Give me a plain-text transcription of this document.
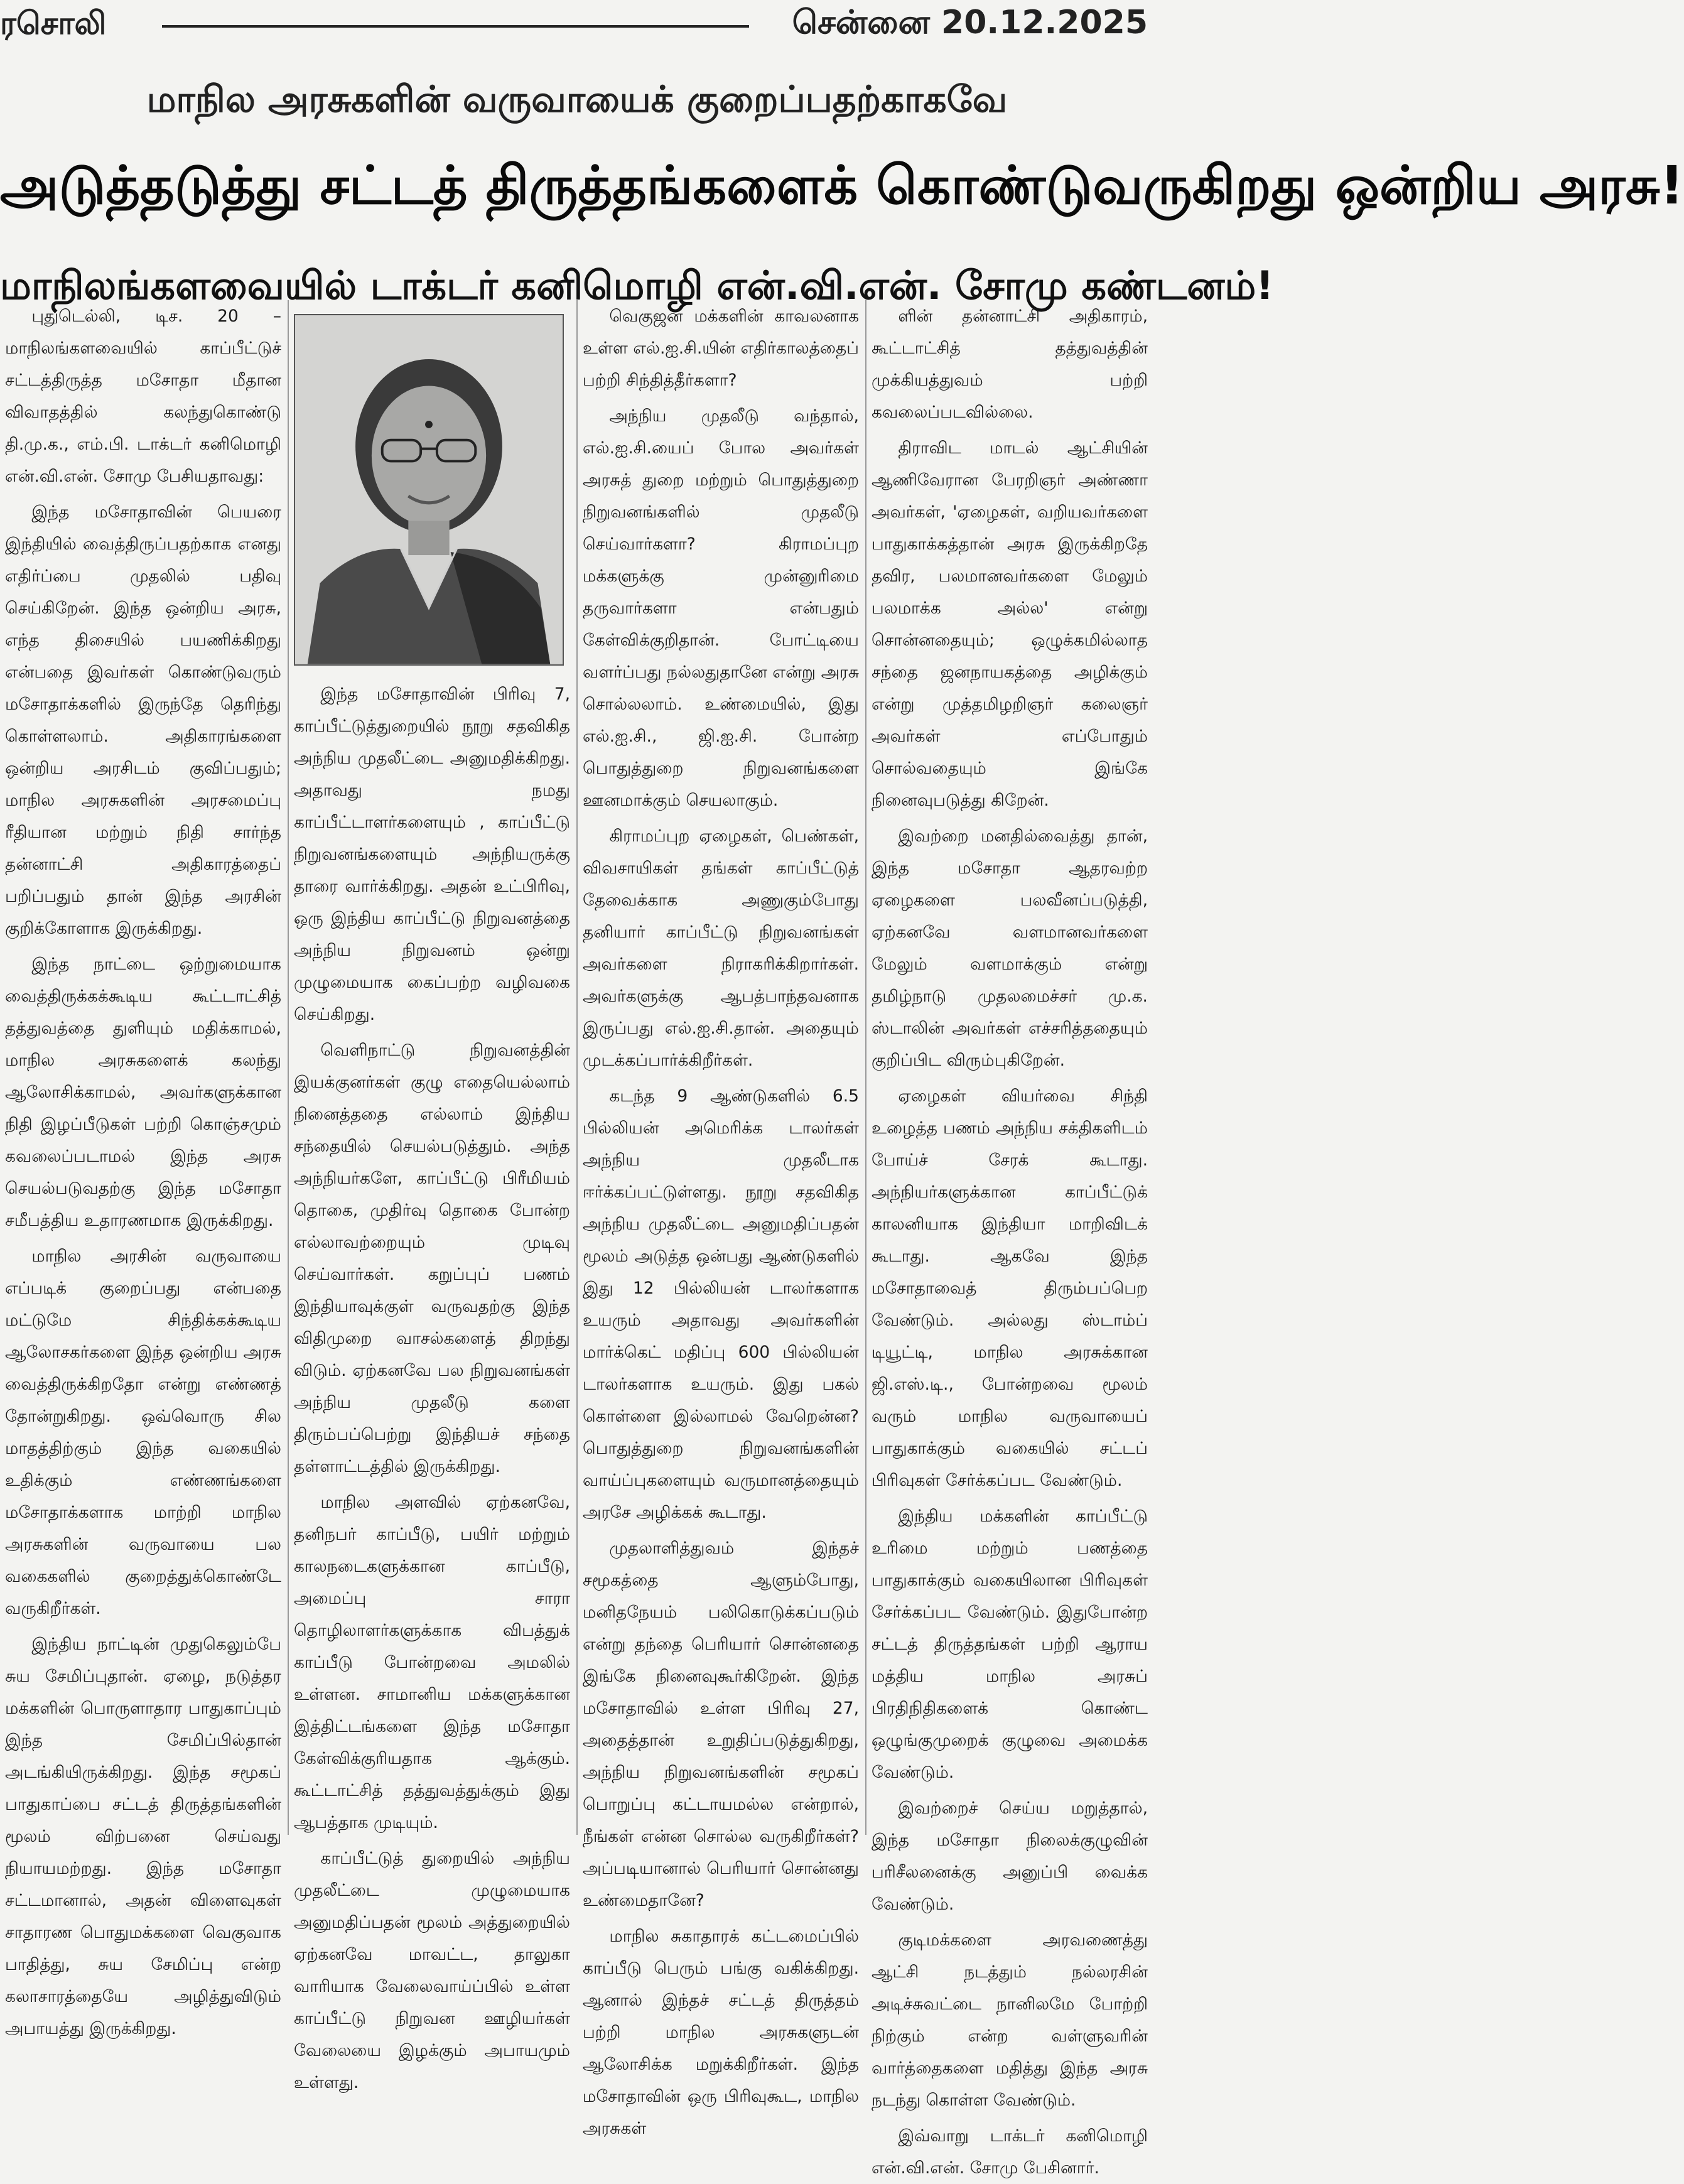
ரசொலி	சென்னை 20.12.2025
மாநில அரசுகளின் வருவாயைக் குறைப்பதற்காகவே
அடுத்தடுத்து சட்டத் திருத்தங்களைக் கொண்டுவருகிறது ஒன்றிய அரசு!
மாநிலங்களவையில் டாக்டர் கனிமொழி என்.வி.என். சோமு கண்டனம்!

புதுடெல்லி, டிச. 20 – மாநிலங்களவையில் காப்பீட்டுச் சட்டத்திருத்த மசோதா மீதான விவாதத்தில் கலந்துகொண்டு தி.மு.க., எம்.பி. டாக்டர் கனிமொழி என்.வி.என். சோமு பேசியதாவது:

இந்த மசோதாவின் பெயரை இந்தியில் வைத்திருப்பதற்காக எனது எதிர்ப்பை முதலில் பதிவு செய்கிறேன். இந்த ஒன்றிய அரசு, எந்த திசையில் பயணிக்கிறது என்பதை இவர்கள் கொண்டுவரும் மசோதாக்களில் இருந்தே தெரிந்து கொள்ளலாம். அதிகாரங்களை ஒன்றிய அரசிடம் குவிப்பதும்; மாநில அரசுகளின் அரசமைப்பு ரீதியான மற்றும் நிதி சார்ந்த தன்னாட்சி அதிகாரத்தைப் பறிப்பதும் தான் இந்த அரசின் குறிக்கோளாக இருக்கிறது.

இந்த நாட்டை ஒற்றுமையாக வைத்திருக்கக்கூடிய கூட்டாட்சித் தத்துவத்தை துளியும் மதிக்காமல், மாநில அரசுகளைக் கலந்து ஆலோசிக்காமல், அவர்களுக்கான நிதி இழப்பீடுகள் பற்றி கொஞ்சமும் கவலைப்படாமல் இந்த அரசு செயல்படுவதற்கு இந்த மசோதா சமீபத்திய உதாரணமாக இருக்கிறது.

மாநில அரசின் வருவாயை எப்படிக் குறைப்பது என்பதை மட்டுமே சிந்திக்கக்கூடிய ஆலோசகர்களை இந்த ஒன்றிய அரசு வைத்திருக்கிறதோ என்று எண்ணத் தோன்றுகிறது. ஒவ்வொரு சில மாதத்திற்கும் இந்த வகையில் உதிக்கும் எண்ணங்களை மசோதாக்களாக மாற்றி மாநில அரசுகளின் வருவாயை பல வகைகளில் குறைத்துக்கொண்டே வருகிறீர்கள்.

இந்திய நாட்டின் முதுகெலும்பே சுய சேமிப்புதான். ஏழை, நடுத்தர மக்களின் பொருளாதார பாதுகாப்பும் இந்த சேமிப்பில்தான் அடங்கியிருக்கிறது. இந்த சமூகப் பாதுகாப்பை சட்டத் திருத்தங்களின் மூலம் விற்பனை செய்வது நியாயமற்றது. இந்த மசோதா சட்டமானால், அதன் விளைவுகள் சாதாரண பொதுமக்களை வெகுவாக பாதித்து, சுய சேமிப்பு என்ற கலாசாரத்தையே அழித்துவிடும் அபாயத்து இருக்கிறது.

இந்த மசோதாவின் பிரிவு 7, காப்பீட்டுத்துறையில் நூறு சதவிகித அந்நிய முதலீட்டை அனுமதிக்கிறது. அதாவது நமது காப்பீட்டாளர்களையும் , காப்பீட்டு நிறுவனங்களையும் அந்நியருக்கு தாரை வார்க்கிறது. அதன் உட்பிரிவு, ஒரு இந்திய காப்பீட்டு நிறுவனத்தை அந்நிய நிறுவனம் ஒன்று முழுமையாக கைப்பற்ற வழிவகை செய்கிறது.

வெளிநாட்டு நிறுவனத்தின் இயக்குனர்கள் குழு எதையெல்லாம் நினைத்ததை எல்லாம் இந்திய சந்தையில் செயல்படுத்தும். அந்த அந்நியர்களே, காப்பீட்டு பிரீமியம் தொகை, முதிர்வு தொகை போன்ற எல்லாவற்றையும் முடிவு செய்வார்கள். கறுப்புப் பணம் இந்தியாவுக்குள் வருவதற்கு இந்த விதிமுறை வாசல்களைத் திறந்து விடும். ஏற்கனவே பல நிறுவனங்கள் அந்நிய முதலீடு களை திரும்பப்பெற்று இந்தியச் சந்தை தள்ளாட்டத்தில் இருக்கிறது.

மாநில அளவில் ஏற்கனவே, தனிநபர் காப்பீடு, பயிர் மற்றும் காலநடைகளுக்கான காப்பீடு, அமைப்பு சாரா தொழிலாளர்களுக்காக விபத்துக் காப்பீடு போன்றவை அமலில் உள்ளன. சாமானிய மக்களுக்கான இத்திட்டங்களை இந்த மசோதா கேள்விக்குரியதாக ஆக்கும். கூட்டாட்சித் தத்துவத்துக்கும் இது ஆபத்தாக முடியும்.

காப்பீட்டுத் துறையில் அந்நிய முதலீட்டை முழுமையாக அனுமதிப்பதன் மூலம் அத்துறையில் ஏற்கனவே மாவட்ட, தாலுகா வாரியாக வேலைவாய்ப்பில் உள்ள காப்பீட்டு நிறுவன ஊழியர்கள் வேலையை இழக்கும் அபாயமும் உள்ளது.

வெகுஜன மக்களின் காவலனாக உள்ள எல்.ஐ.சி.யின் எதிர்காலத்தைப் பற்றி சிந்தித்தீர்களா?

அந்நிய முதலீடு வந்தால், எல்.ஐ.சி.யைப் போல அவர்கள் அரசுத் துறை மற்றும் பொதுத்துறை நிறுவனங்களில் முதலீடு செய்வார்களா? கிராமப்புற மக்களுக்கு முன்னுரிமை தருவார்களா என்பதும் கேள்விக்குறிதான். போட்டியை வளர்ப்பது நல்லதுதானே என்று அரசு சொல்லலாம். உண்மையில், இது எல்.ஐ.சி., ஜி.ஐ.சி. போன்ற பொதுத்துறை நிறுவனங்களை ஊனமாக்கும் செயலாகும்.

கிராமப்புற ஏழைகள், பெண்கள், விவசாயிகள் தங்கள் காப்பீட்டுத் தேவைக்காக அணுகும்போது தனியார் காப்பீட்டு நிறுவனங்கள் அவர்களை நிராகரிக்கிறார்கள். அவர்களுக்கு ஆபத்பாந்தவனாக இருப்பது எல்.ஐ.சி.தான். அதையும் முடக்கப்பார்க்கிறீர்கள்.

கடந்த 9 ஆண்டுகளில் 6.5 பில்லியன் அமெரிக்க டாலர்கள் அந்நிய முதலீடாக ஈர்க்கப்பட்டுள்ளது. நூறு சதவிகித அந்நிய முதலீட்டை அனுமதிப்பதன் மூலம் அடுத்த ஒன்பது ஆண்டுகளில் இது 12 பில்லியன் டாலர்களாக உயரும் அதாவது அவர்களின் மார்க்கெட் மதிப்பு 600 பில்லியன் டாலர்களாக உயரும். இது பகல் கொள்ளை இல்லாமல் வேறென்ன? பொதுத்துறை நிறுவனங்களின் வாய்ப்புகளையும் வருமானத்தையும் அரசே அழிக்கக் கூடாது.

முதலாளித்துவம் இந்தச் சமூகத்தை ஆளும்போது, மனிதநேயம் பலிகொடுக்கப்படும் என்று தந்தை பெரியார் சொன்னதை இங்கே நினைவுகூர்கிறேன். இந்த மசோதாவில் உள்ள பிரிவு 27, அதைத்தான் உறுதிப்படுத்துகிறது, அந்நிய நிறுவனங்களின் சமூகப் பொறுப்பு கட்டாயமல்ல என்றால், நீங்கள் என்ன சொல்ல வருகிறீர்கள்? அப்படியானால் பெரியார் சொன்னது உண்மைதானே?

மாநில சுகாதாரக் கட்டமைப்பில் காப்பீடு பெரும் பங்கு வகிக்கிறது. ஆனால் இந்தச் சட்டத் திருத்தம் பற்றி மாநில அரசுகளுடன் ஆலோசிக்க மறுக்கிறீர்கள். இந்த மசோதாவின் ஒரு பிரிவுகூட, மாநில அரசுகள்

ளின் தன்னாட்சி அதிகாரம், கூட்டாட்சித் தத்துவத்தின் முக்கியத்துவம் பற்றி கவலைப்படவில்லை.

திராவிட மாடல் ஆட்சியின் ஆணிவேரான பேரறிஞர் அண்ணா அவர்கள், 'ஏழைகள், வறியவர்களை பாதுகாக்கத்தான் அரசு இருக்கிறதே தவிர, பலமானவர்களை மேலும் பலமாக்க அல்ல' என்று சொன்னதையும்; ஒழுக்கமில்லாத சந்தை ஜனநாயகத்தை அழிக்கும் என்று முத்தமிழறிஞர் கலைஞர் அவர்கள் எப்போதும் சொல்வதையும் இங்கே நினைவுபடுத்து கிறேன்.

இவற்றை மனதில்வைத்து தான், இந்த மசோதா ஆதரவற்ற ஏழைகளை பலவீனப்படுத்தி, ஏற்கனவே வளமானவர்களை மேலும் வளமாக்கும் என்று தமிழ்நாடு முதலமைச்சர் மு.க. ஸ்டாலின் அவர்கள் எச்சரித்ததையும் குறிப்பிட விரும்புகிறேன்.

ஏழைகள் வியர்வை சிந்தி உழைத்த பணம் அந்நிய சக்திகளிடம் போய்ச் சேரக் கூடாது. அந்நியர்களுக்கான காப்பீட்டுக் காலனியாக இந்தியா மாறிவிடக் கூடாது. ஆகவே இந்த மசோதாவைத் திரும்பப்பெற வேண்டும். அல்லது ஸ்டாம்ப் டியூட்டி, மாநில அரசுக்கான ஜி.எஸ்.டி., போன்றவை மூலம் வரும் மாநில வருவாயைப் பாதுகாக்கும் வகையில் சட்டப் பிரிவுகள் சேர்க்கப்பட வேண்டும்.

இந்திய மக்களின் காப்பீட்டு உரிமை மற்றும் பணத்தை பாதுகாக்கும் வகையிலான பிரிவுகள் சேர்க்கப்பட வேண்டும். இதுபோன்ற சட்டத் திருத்தங்கள் பற்றி ஆராய மத்திய மாநில அரசுப் பிரதிநிதிகளைக் கொண்ட ஒழுங்குமுறைக் குழுவை அமைக்க வேண்டும்.

இவற்றைச் செய்ய மறுத்தால், இந்த மசோதா நிலைக்குழுவின் பரிசீலனைக்கு அனுப்பி வைக்க வேண்டும்.

குடிமக்களை அரவணைத்து ஆட்சி நடத்தும் நல்லரசின் அடிச்சுவட்டை நானிலமே போற்றி நிற்கும் என்ற வள்ளுவரின் வார்த்தைகளை மதித்து இந்த அரசு நடந்து கொள்ள வேண்டும்.

இவ்வாறு டாக்டர் கனிமொழி என்.வி.என். சோமு பேசினார்.
